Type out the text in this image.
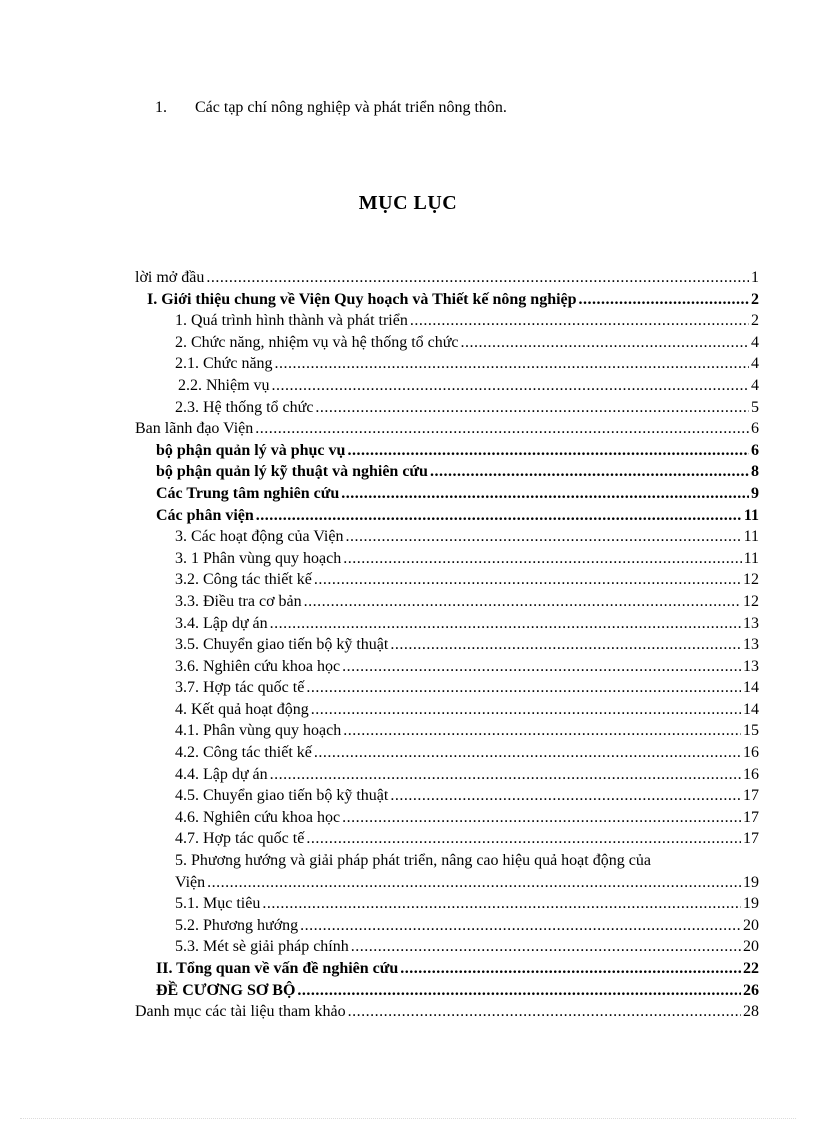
1.	Các tạp chí nông nghiệp và phát triển nông thôn.
MỤC LỤC
lời mở đầu .....	1
I. Giới thiệu chung về Viện Quy hoạch và Thiết kế nông nghiệp .....	2
1. Quá trình hình thành và phát triển .....	2
2. Chức năng, nhiệm vụ và hệ thống tổ chức .....	4
2.1. Chức năng .....	4
2.2. Nhiệm vụ .....	4
2.3. Hệ thống tổ chức .....	5
Ban lãnh đạo Viện .....	6
bộ phận quản lý và phục vụ .....	6
bộ phận quản lý kỹ thuật và nghiên cứu .....	8
Các Trung tâm nghiên cứu .....	9
Các phân viện .....	11
3. Các hoạt động của Viện .....	11
3. 1 Phân vùng quy hoạch .....	11
3.2. Công tác thiết kế .....	12
3.3. Điều tra cơ bản .....	12
3.4. Lập dự án .....	13
3.5. Chuyển giao tiến bộ kỹ thuật .....	13
3.6. Nghiên cứu khoa học .....	13
3.7. Hợp tác quốc tế .....	14
4. Kết quả hoạt động .....	14
4.1. Phân vùng quy hoạch .....	15
4.2. Công tác thiết kế .....	16
4.4. Lập dự án .....	16
4.5. Chuyển giao tiến bộ kỹ thuật .....	17
4.6. Nghiên cứu khoa học .....	17
4.7. Hợp tác quốc tế .....	17
5. Phương hướng và giải pháp phát triển, nâng cao hiệu quả hoạt động của
Viện .....	19
5.1. Mục tiêu .....	19
5.2. Phương hướng .....	20
5.3. Mét sè giải pháp chính .....	20
II. Tổng quan về vấn đề nghiên cứu .....	22
ĐỀ CƯƠNG SƠ BỘ .....	26
Danh mục các tài liệu tham khảo .....	28
